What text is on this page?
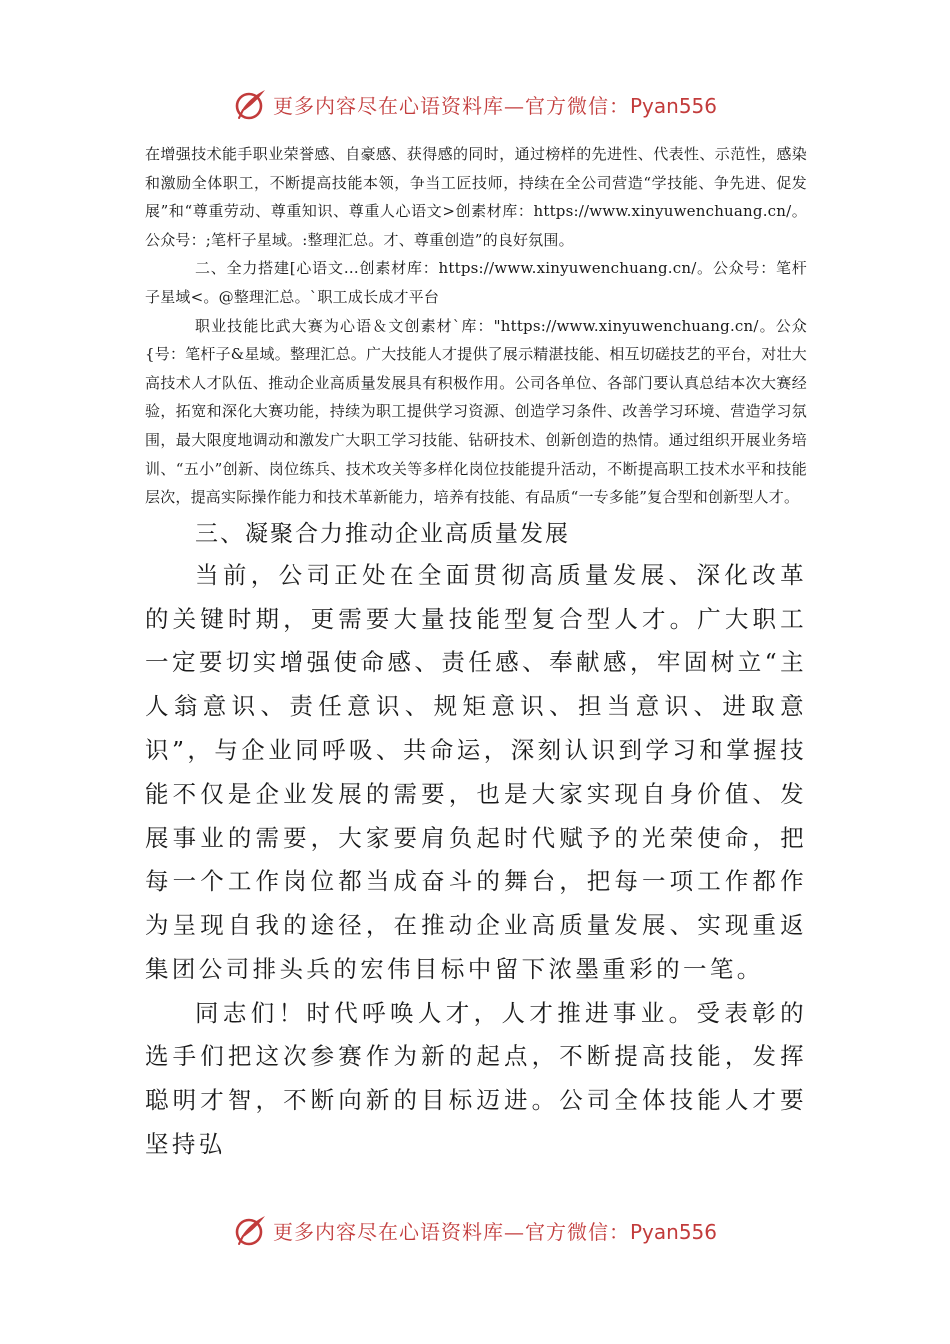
更多内容尽在心语资料库—官方微信：Pyan556

在增强技术能手职业荣誉感、自豪感、获得感的同时，通过榜样的先进性、代表性、示范性，感染和激励全体职工，不断提高技能本领，争当工匠技师，持续在全公司营造“学技能、争先进、促发展”和“尊重劳动、尊重知识、尊重人心语文>创素材库：https://www.xinyuwenchuang.cn/。公众号：;笔杆子星域。:整理汇总。才、尊重创造”的良好氛围。

二、全力搭建[心语文…创素材库：https://www.xinyuwenchuang.cn/。公众号：笔杆子星域<。@整理汇总。`职工成长成才平台

职业技能比武大赛为心语＆文创素材`库："https://www.xinyuwenchuang.cn/。公众{号：笔杆子&星域。整理汇总。广大技能人才提供了展示精湛技能、相互切磋技艺的平台，对壮大高技术人才队伍、推动企业高质量发展具有积极作用。公司各单位、各部门要认真总结本次大赛经验，拓宽和深化大赛功能，持续为职工提供学习资源、创造学习条件、改善学习环境、营造学习氛围，最大限度地调动和激发广大职工学习技能、钻研技术、创新创造的热情。通过组织开展业务培训、“五小”创新、岗位练兵、技术攻关等多样化岗位技能提升活动，不断提高职工技术水平和技能层次，提高实际操作能力和技术革新能力，培养有技能、有品质“一专多能”复合型和创新型人才。

三、凝聚合力推动企业高质量发展

当前，公司正处在全面贯彻高质量发展、深化改革的关键时期，更需要大量技能型复合型人才。广大职工一定要切实增强使命感、责任感、奉献感，牢固树立“主人翁意识、责任意识、规矩意识、担当意识、进取意识”，与企业同呼吸、共命运，深刻认识到学习和掌握技能不仅是企业发展的需要，也是大家实现自身价值、发展事业的需要，大家要肩负起时代赋予的光荣使命，把每一个工作岗位都当成奋斗的舞台，把每一项工作都作为呈现自我的途径，在推动企业高质量发展、实现重返集团公司排头兵的宏伟目标中留下浓墨重彩的一笔。

同志们！时代呼唤人才，人才推进事业。受表彰的选手们把这次参赛作为新的起点，不断提高技能，发挥聪明才智，不断向新的目标迈进。公司全体技能人才要坚持弘

更多内容尽在心语资料库—官方微信：Pyan556
